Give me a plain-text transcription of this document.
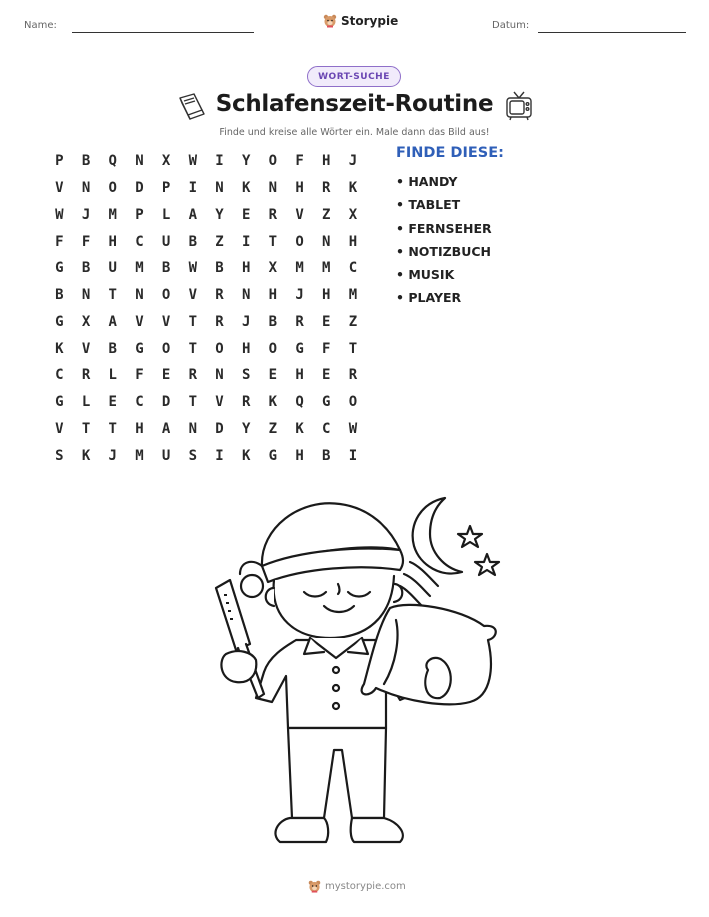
Name:	Storypie	Datum:
WORT-SUCHE
Schlafenszeit-Routine
Finde und kreise alle Wörter ein. Male dann das Bild aus!
P	B	Q	N	X	W	I	Y	O	F	H	J
V	N	O	D	P	I	N	K	N	H	R	K
W	J	M	P	L	A	Y	E	R	V	Z	X
F	F	H	C	U	B	Z	I	T	O	N	H
G	B	U	M	B	W	B	H	X	M	M	C
B	N	T	N	O	V	R	N	H	J	H	M
G	X	A	V	V	T	R	J	B	R	E	Z
K	V	B	G	O	T	O	H	O	G	F	T
C	R	L	F	E	R	N	S	E	H	E	R
G	L	E	C	D	T	V	R	K	Q	G	O
V	T	T	H	A	N	D	Y	Z	K	C	W
S	K	J	M	U	S	I	K	G	H	B	I
FINDE DIESE:
• HANDY
• TABLET
• FERNSEHER
• NOTIZBUCH
• MUSIK
• PLAYER
mystorypie.com
